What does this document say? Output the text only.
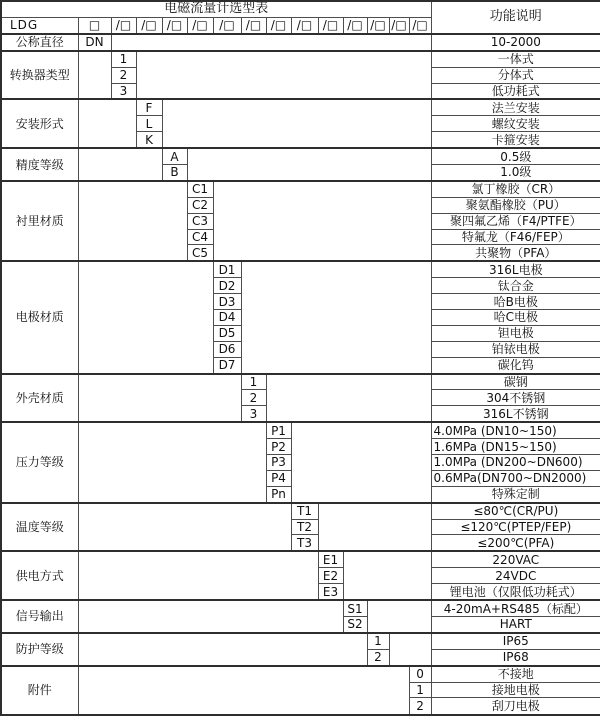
电磁流量计选型表															功能说明
LDG	□	/□	/□	/□	/□	/□	/□	/□	/□	/□	/□	/□	/□	/□	
公称直径	DN														10-2000
转换器类型		1													一体式
		2													分体式
		3													低功耗式
安装形式			F												法兰安装
			L												螺纹安装
			K												卡箍安装
精度等级				A											0.5级
				B											1.0级
衬里材质					C1										氯丁橡胶（CR）
					C2										聚氨酯橡胶（PU）
					C3										聚四氟乙烯（F4/PTFE）
					C4										特氟龙（F46/FEP）
					C5										共聚物（PFA）
电极材质						D1									316L电极
						D2									钛合金
						D3									哈B电极
						D4									哈C电极
						D5									钽电极
						D6									铂铱电极
						D7									碳化钨
外壳材质							1								碳钢
							2								304不锈钢
							3								316L不锈钢
压力等级								P1							4.0MPa (DN10~150)
								P2							1.6MPa (DN15~150)
								P3							1.0MPa (DN200~DN600)
								P4							0.6MPa(DN700~DN2000)
								Pn							特殊定制
温度等级									T1						≤80℃(CR/PU)
									T2						≤120℃(PTEP/FEP)
									T3						≤200℃(PFA)
供电方式										E1					220VAC
										E2					24VDC
										E3					锂电池（仅限低功耗式）
信号输出											S1				4-20mA+RS485（标配）
											S2				HART
防护等级												1			IP65
												2			IP68
附件														0	不接地
														1	接地电极
														2	刮刀电极
